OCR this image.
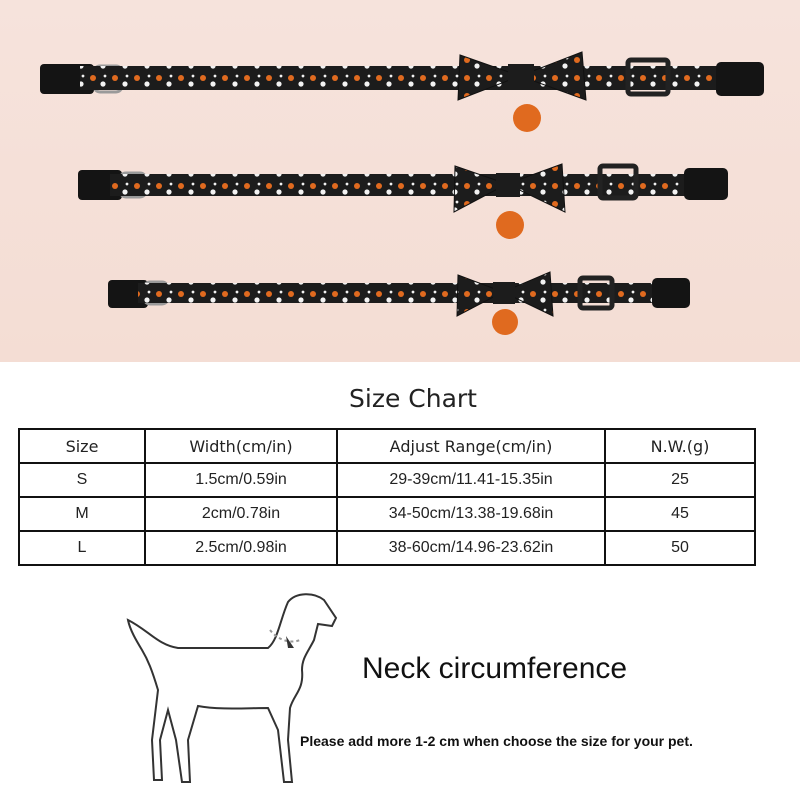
Size Chart
Size	Width(cm/in)	Adjust Range(cm/in)	N.W.(g)
S	1.5cm/0.59in	29-39cm/11.41-15.35in	25
M	2cm/0.78in	34-50cm/13.38-19.68in	45
L	2.5cm/0.98in	38-60cm/14.96-23.62in	50
Neck circumference
Please add more 1-2 cm when choose the size for your pet.
